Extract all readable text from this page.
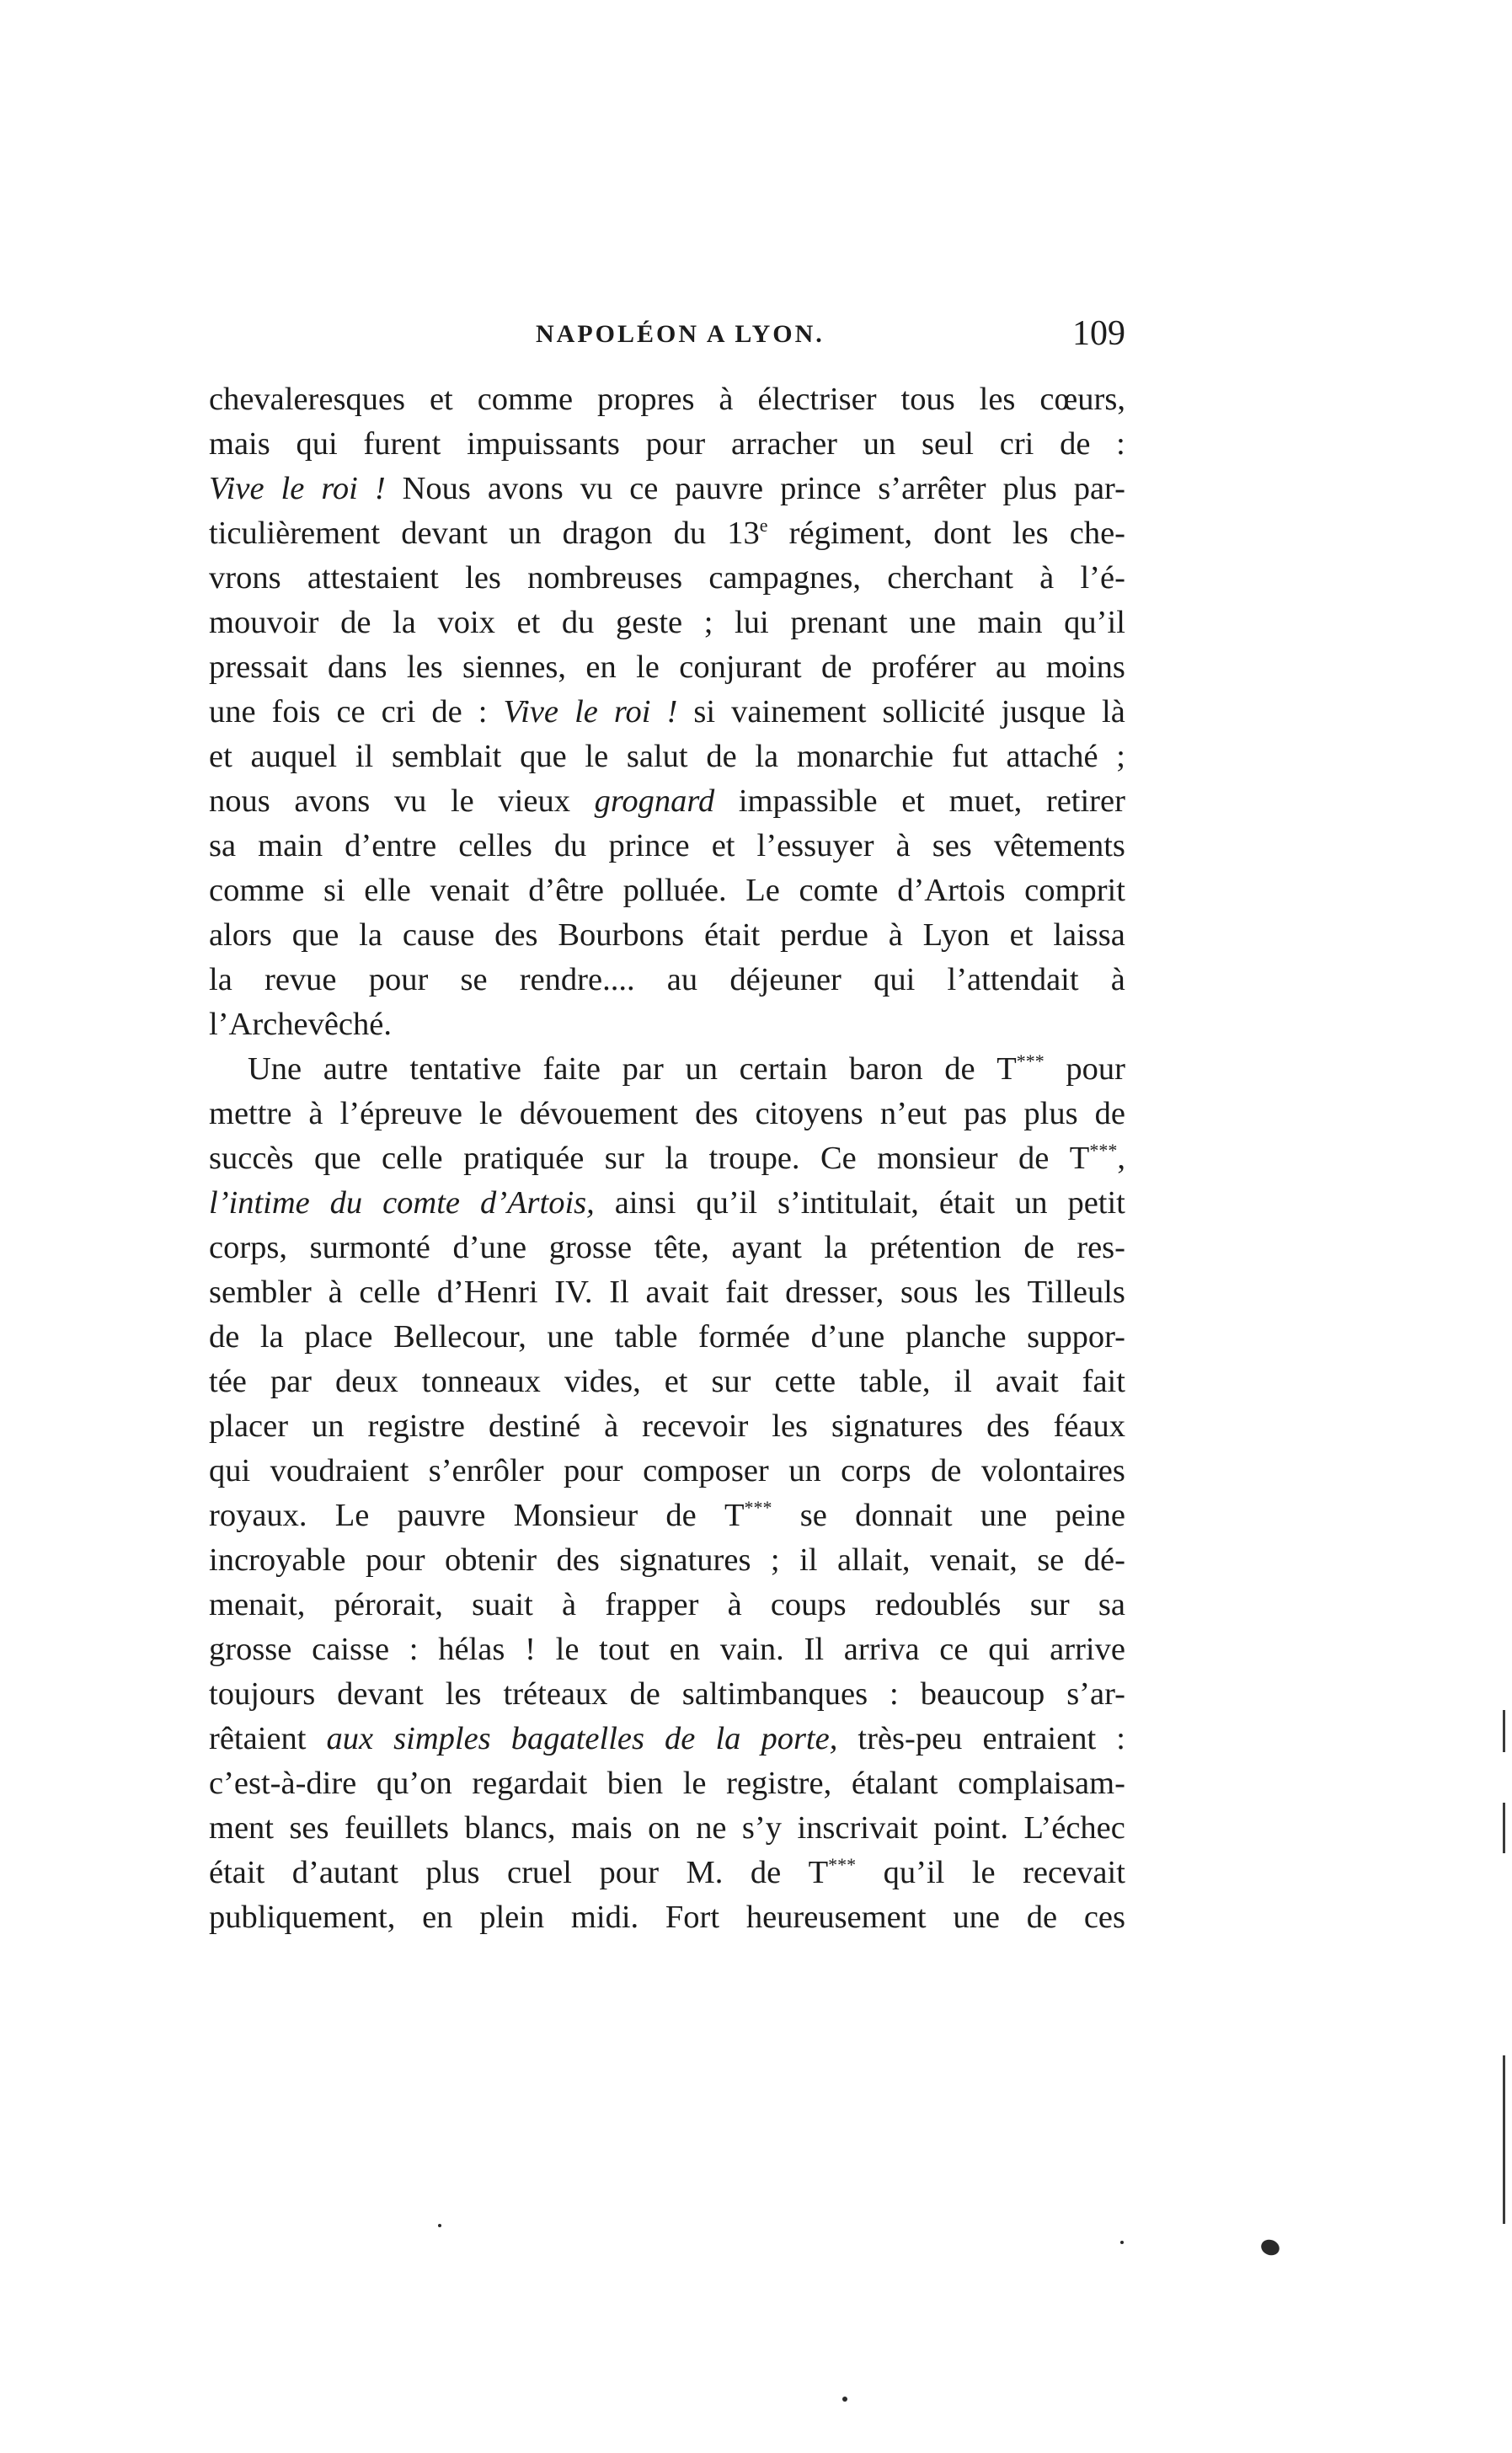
NAPOLÉON A LYON.	109
chevaleresques et comme propres à électriser tous les cœurs,
mais qui furent impuissants pour arracher un seul cri de :
Vive le roi ! Nous avons vu ce pauvre prince s’arrêter plus par-
ticulièrement devant un dragon du 13e régiment, dont les che-
vrons attestaient les nombreuses campagnes, cherchant à l’é-
mouvoir de la voix et du geste ; lui prenant une main qu’il
pressait dans les siennes, en le conjurant de proférer au moins
une fois ce cri de : Vive le roi ! si vainement sollicité jusque là
et auquel il semblait que le salut de la monarchie fut attaché ;
nous avons vu le vieux grognard impassible et muet, retirer
sa main d’entre celles du prince et l’essuyer à ses vêtements
comme si elle venait d’être polluée. Le comte d’Artois comprit
alors que la cause des Bourbons était perdue à Lyon et laissa
la revue pour se rendre.... au déjeuner qui l’attendait à
l’Archevêché.
Une autre tentative faite par un certain baron de T*** pour
mettre à l’épreuve le dévouement des citoyens n’eut pas plus de
succès que celle pratiquée sur la troupe. Ce monsieur de T***,
l’intime du comte d’Artois, ainsi qu’il s’intitulait, était un petit
corps, surmonté d’une grosse tête, ayant la prétention de res-
sembler à celle d’Henri IV. Il avait fait dresser, sous les Tilleuls
de la place Bellecour, une table formée d’une planche suppor-
tée par deux tonneaux vides, et sur cette table, il avait fait
placer un registre destiné à recevoir les signatures des féaux
qui voudraient s’enrôler pour composer un corps de volontaires
royaux. Le pauvre Monsieur de T*** se donnait une peine
incroyable pour obtenir des signatures ; il allait, venait, se dé-
menait, pérorait, suait à frapper à coups redoublés sur sa
grosse caisse : hélas ! le tout en vain. Il arriva ce qui arrive
toujours devant les tréteaux de saltimbanques : beaucoup s’ar-
rêtaient aux simples bagatelles de la porte, très-peu entraient :
c’est-à-dire qu’on regardait bien le registre, étalant complaisam-
ment ses feuillets blancs, mais on ne s’y inscrivait point. L’échec
était d’autant plus cruel pour M. de T*** qu’il le recevait
publiquement, en plein midi. Fort heureusement une de ces
